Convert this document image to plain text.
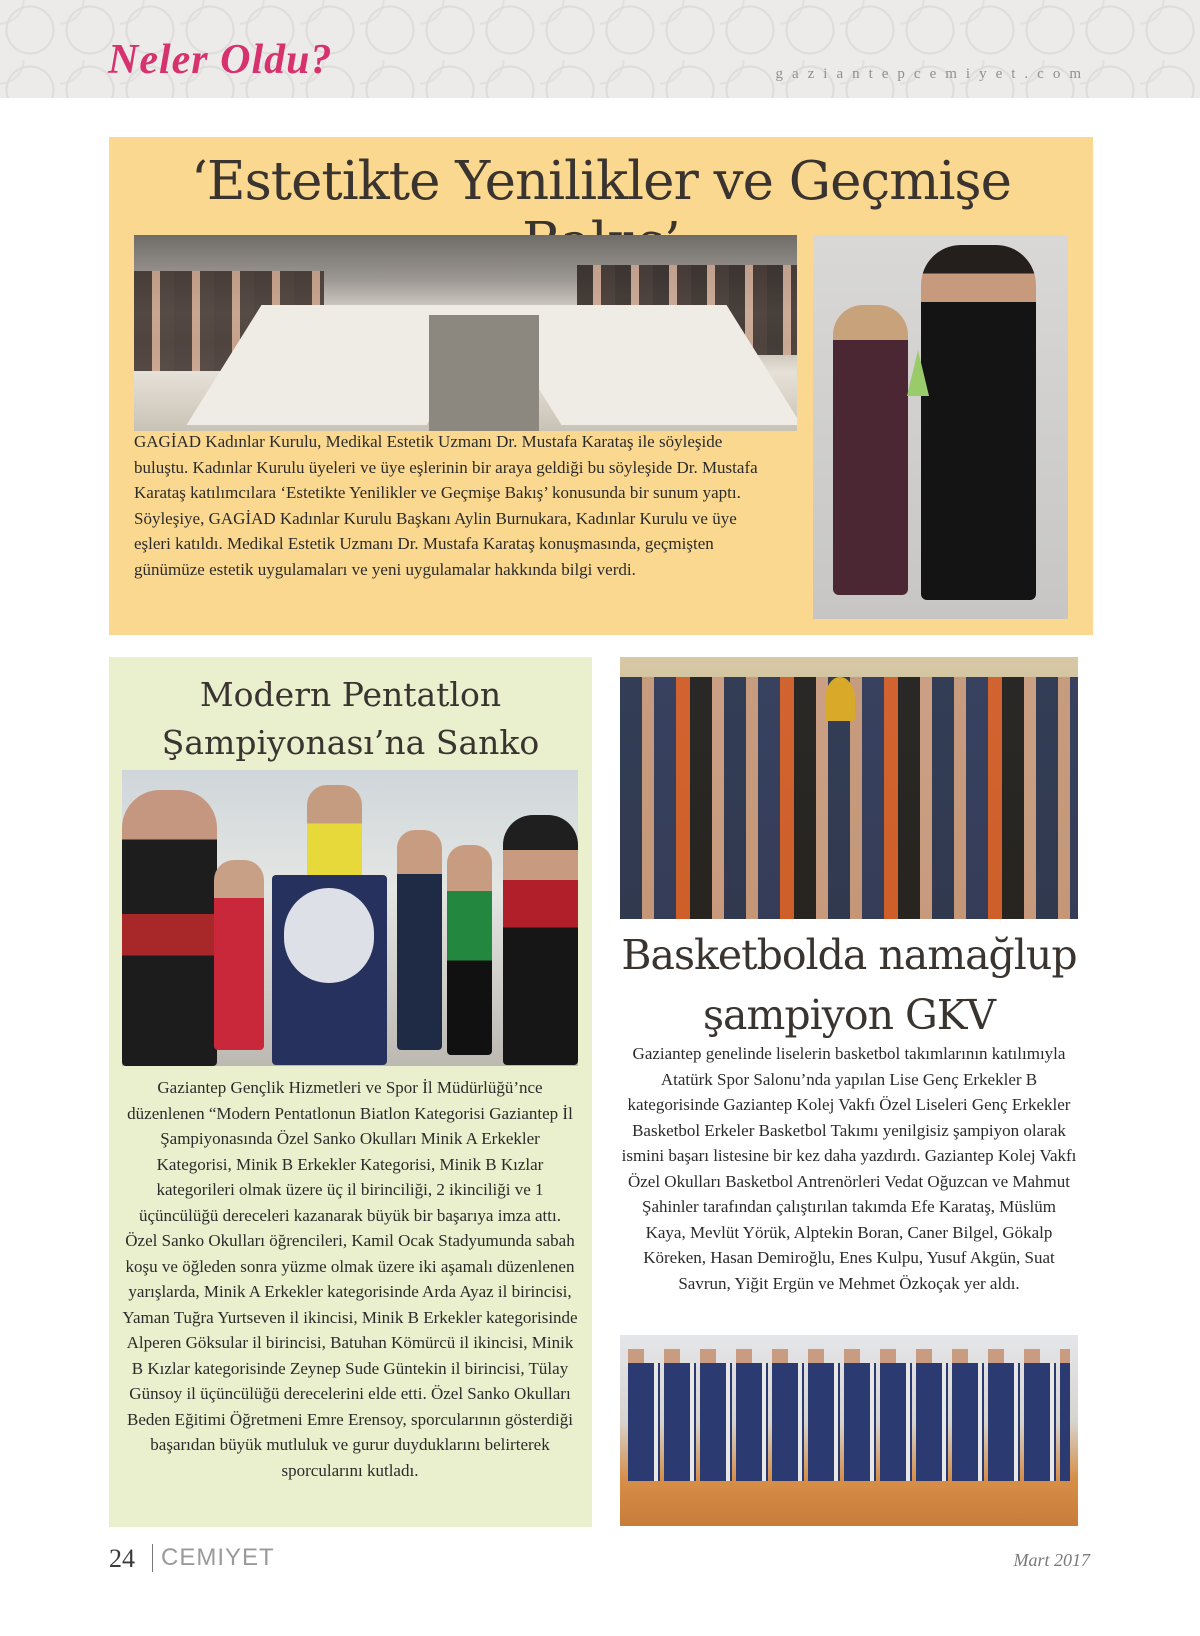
Neler Oldu?	gaziantepcemiyet.com
‘Estetikte Yenilikler ve Geçmişe

GAGİAD Kadınlar Kurulu, Medikal Estetik Uzmanı Dr. Mustafa Karataş ile söyleşide buluştu. Kadınlar Kurulu üyeleri ve üye eşlerinin bir araya geldiği bu söyleşide Dr. Mustafa Karataş katılımcılara ‘Estetikte Yenilikler ve Geçmişe Bakış’ konusunda bir sunum yaptı. Söyleşiye, GAGİAD Kadınlar Kurulu Başkanı Aylin Burnukara, Kadınlar Kurulu ve üye eşleri katıldı. Medikal Estetik Uzmanı Dr. Mustafa Karataş konuşmasında, geçmişten günümüze estetik uygulamaları ve yeni uygulamalar hakkında bilgi verdi.

Modern Pentatlon Şampiyonası’na Sanko

Gaziantep Gençlik Hizmetleri ve Spor İl Müdürlüğü’nce düzenlenen “Modern Pentatlonun Biatlon Kategorisi Gaziantep İl Şampiyonasında Özel Sanko Okulları Minik A Erkekler Kategorisi, Minik B Erkekler Kategorisi, Minik B Kızlar kategorileri olmak üzere üç il birinciliği, 2 ikinciliği ve 1 üçüncülüğü dereceleri kazanarak büyük bir başarıya imza attı. Özel Sanko Okulları öğrencileri, Kamil Ocak Stadyumunda sabah koşu ve öğleden sonra yüzme olmak üzere iki aşamalı düzenlenen yarışlarda, Minik A Erkekler kategorisinde Arda Ayaz il birincisi, Yaman Tuğra Yurtseven il ikincisi, Minik B Erkekler kategorisinde Alperen Göksular il birincisi, Batuhan Kömürcü il ikincisi, Minik B Kızlar kategorisinde Zeynep Sude Güntekin il birincisi, Tülay Günsoy il üçüncülüğü derecelerini elde etti. Özel Sanko Okulları Beden Eğitimi Öğretmeni Emre Erensoy, sporcularının gösterdiği başarıdan büyük mutluluk ve gurur duyduklarını belirterek sporcularını kutladı.

Basketbolda namağlup şampiyon GKV

Gaziantep genelinde liselerin basketbol takımlarının katılımıyla Atatürk Spor Salonu’nda yapılan Lise Genç Erkekler B kategorisinde Gaziantep Kolej Vakfı Özel Liseleri Genç Erkekler Basketbol Erkeler Basketbol Takımı yenilgisiz şampiyon olarak ismini başarı listesine bir kez daha yazdırdı. Gaziantep Kolej Vakfı Özel Okulları Basketbol Antrenörleri Vedat Oğuzcan ve Mahmut Şahinler tarafından çalıştırılan takımda Efe Karataş, Müslüm Kaya, Mevlüt Yörük, Alptekin Boran, Caner Bilgel, Gökalp Köreken, Hasan Demiroğlu, Enes Kulpu, Yusuf Akgün, Suat Savrun, Yiğit Ergün ve Mehmet Özkoçak yer aldı.

24	CEMIYET	Mart 2017
